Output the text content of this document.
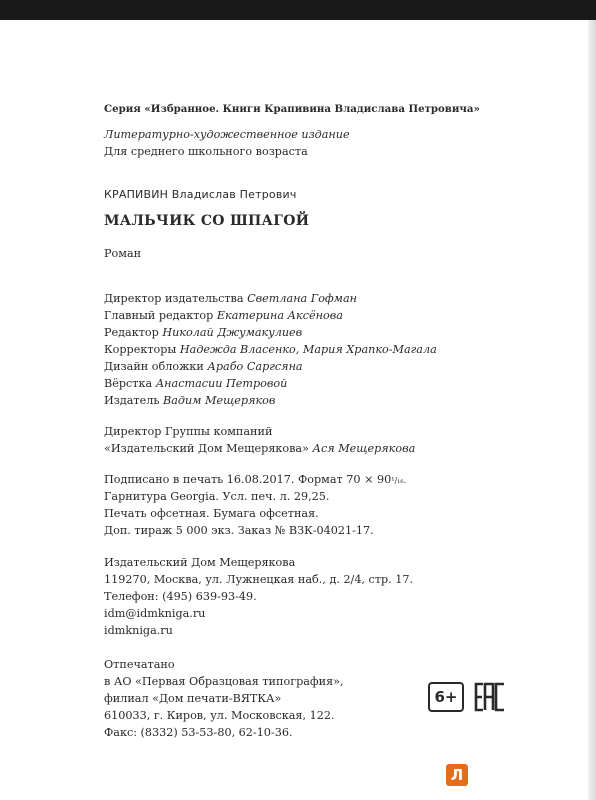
Серия «Избранное. Книги Крапивина Владислава Петровича»
Литературно-художественное издание
Для среднего школьного возраста
КРАПИВИН Владислав Петрович
МАЛЬЧИК СО ШПАГОЙ
Роман
Директор издательства Светлана Гофман
Главный редактор Екатерина Аксёнова
Редактор Николай Джумакулиев
Корректоры Надежда Власенко, Мария Храпко-Магала
Дизайн обложки Арабо Саргсяна
Вёрстка Анастасии Петровой
Издатель Вадим Мещеряков
Директор Группы компаний
«Издательский Дом Мещерякова» Ася Мещерякова
Подписано в печать 16.08.2017. Формат 70 × 90¹/₁₆.
Гарнитура Georgia. Усл. печ. л. 29,25.
Печать офсетная. Бумага офсетная.
Доп. тираж 5 000 экз. Заказ № ВЗК-04021-17.
Издательский Дом Мещерякова
119270, Москва, ул. Лужнецкая наб., д. 2/4, стр. 17.
Телефон: (495) 639-93-49.
idm@idmkniga.ru
idmkniga.ru
Отпечатано
в АО «Первая Образцовая типография»,
филиал «Дом печати-ВЯТКА»
610033, г. Киров, ул. Московская, 122.
Факс: (8332) 53-53-80, 62-10-36.
6+
Л
